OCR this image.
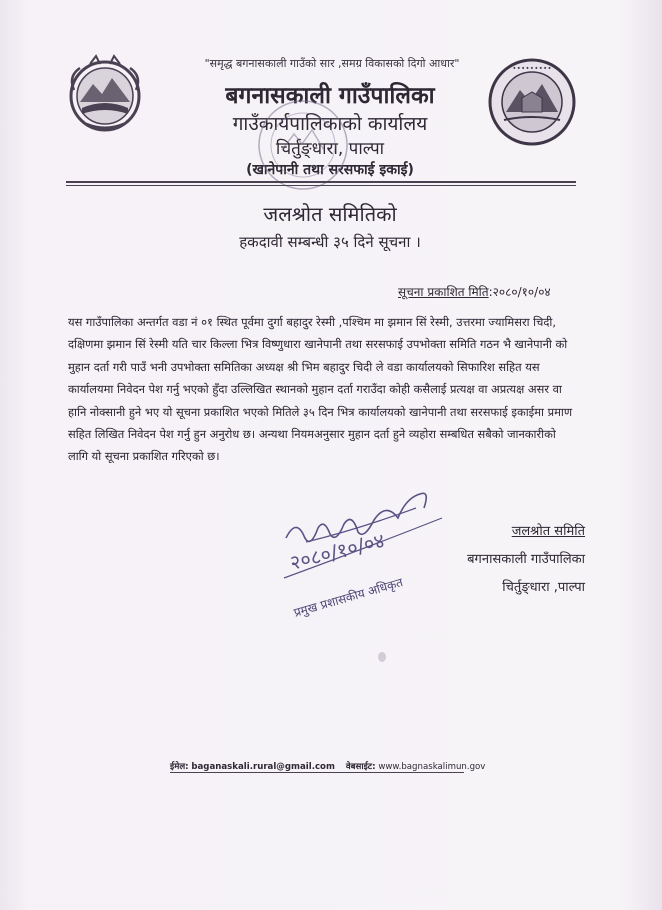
∙∙∙∙∙∙∙∙∙
"समृद्ध बगनासकाली गाउँको सार ,समग्र विकासको दिगो आधार"
बगनासकाली गाउँपालिका
गाउँकार्यपालिकाको कार्यालय
चिर्तुङ्धारा, पाल्पा
(खानेपानी तथा सरसफाई इकाई)
जलश्रोत समितिको
हकदावी सम्बन्धी ३५ दिने सूचना ।
सूचना प्रकाशित मिति:२०८०/१०/०४
यस गाउँपालिका अन्तर्गत वडा नं ०१ स्थित पूर्वमा दुर्गा बहादुर रेस्मी ,पश्चिम मा झमान सिं रेस्मी, उत्तरमा ज्यामिसरा चिदी, दक्षिणमा झमान सिं रेस्मी यति चार किल्ला भित्र विष्णुधारा खानेपानी तथा सरसफाई उपभोक्ता समिति गठन भै खानेपानी को मुहान दर्ता गरी पाउँ भनी उपभोक्ता समितिका अध्यक्ष श्री भिम बहादुर चिदी ले वडा कार्यालयको सिफारिश सहित यस कार्यालयमा निवेदन पेश गर्नु भएको हुँदा उल्लिखित स्थानको मुहान दर्ता गराउँदा कोही कसैलाई प्रत्यक्ष वा अप्रत्यक्ष असर वा हानि नोक्सानी हुने भए यो सूचना प्रकाशित भएको मितिले ३५ दिन भित्र कार्यालयको खानेपानी तथा सरसफाई इकाईमा प्रमाण सहित लिखित निवेदन पेश गर्नु हुन अनुरोध छ। अन्यथा नियमअनुसार मुहान दर्ता हुने व्यहोरा सम्बधित सबैको जानकारीको लागि यो सूचना प्रकाशित गरिएको छ।
२०८०/१०/०४
प्रमुख प्रशासकीय अधिकृत
जलश्रोत समिति
बगनासकाली गाउँपालिका
चिर्तुङ्धारा ,पाल्पा
ईमेल: baganaskali.rural@gmail.com वेबसाईट: www.bagnaskalimun.gov
